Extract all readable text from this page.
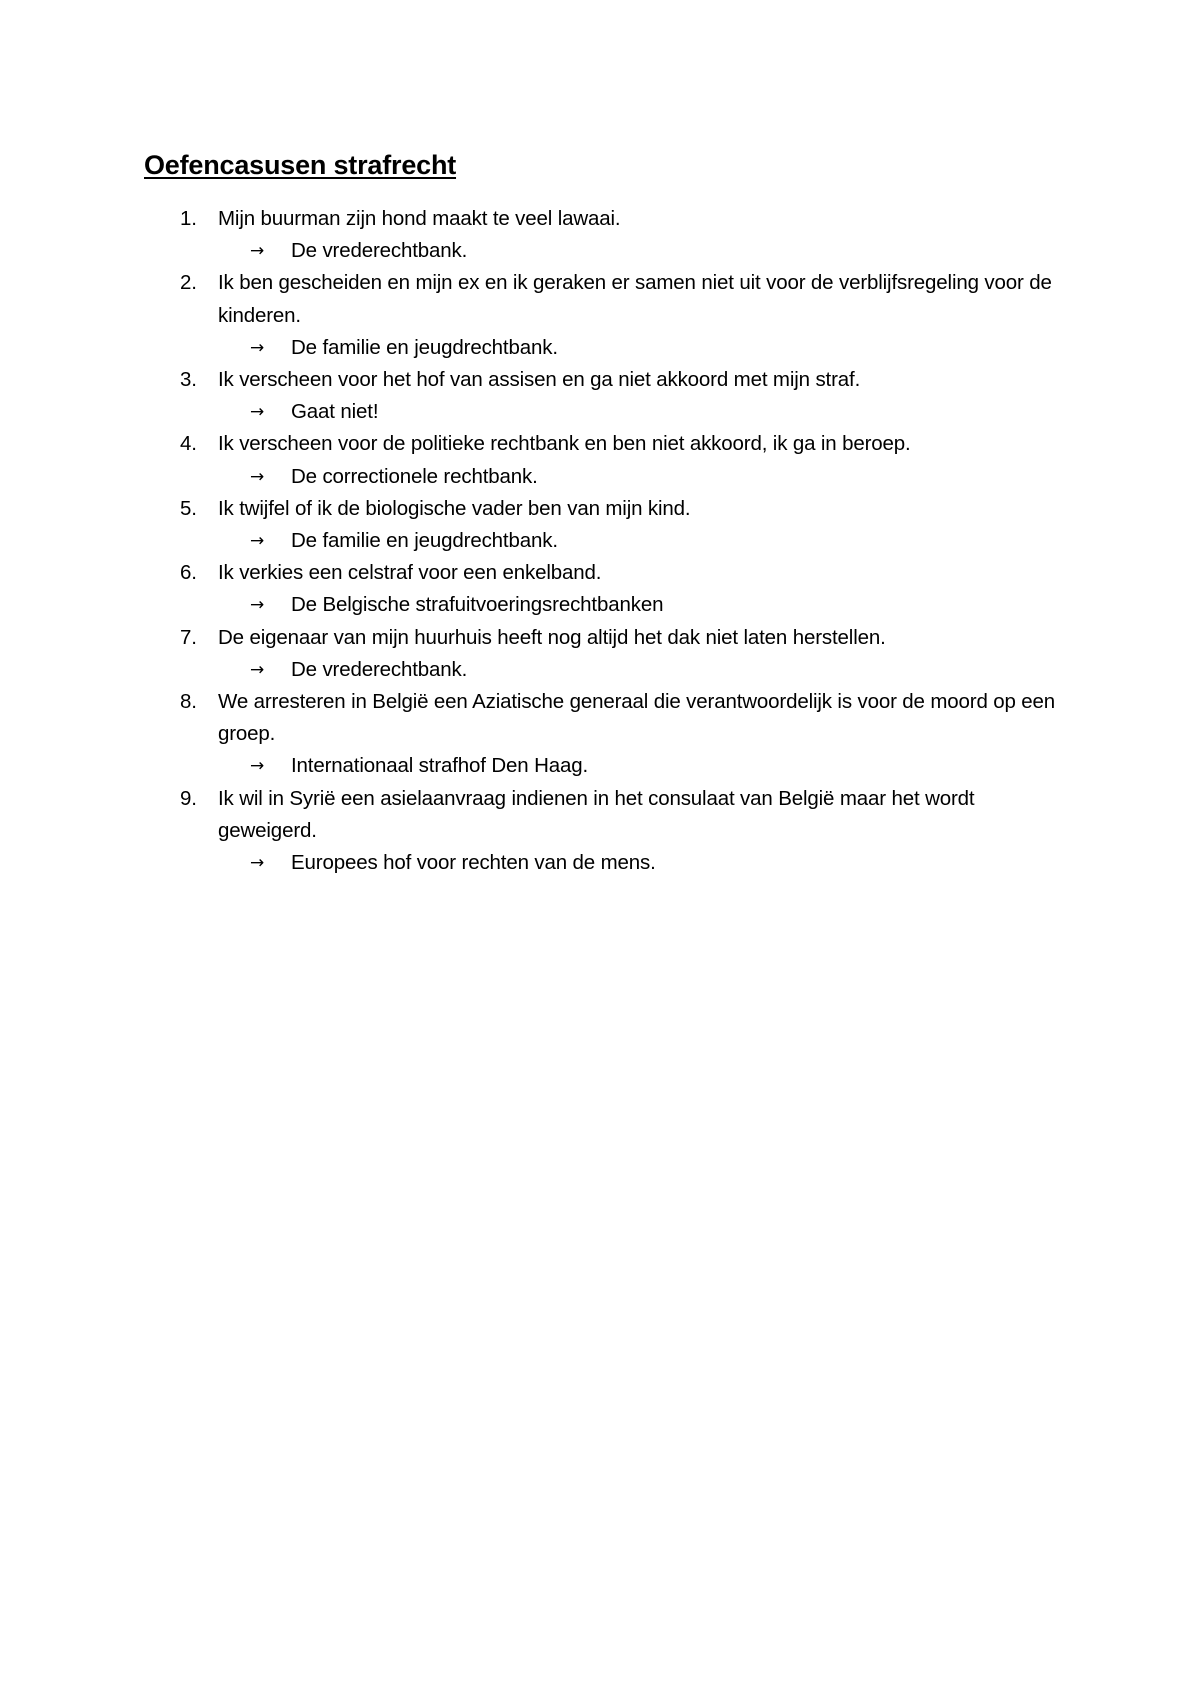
Oefencasusen strafrecht
1. Mijn buurman zijn hond maakt te veel lawaai.
→ De vrederechtbank.
2. Ik ben gescheiden en mijn ex en ik geraken er samen niet uit voor de verblijfsregeling voor de kinderen.
→ De familie en jeugdrechtbank.
3. Ik verscheen voor het hof van assisen en ga niet akkoord met mijn straf.
→ Gaat niet!
4. Ik verscheen voor de politieke rechtbank en ben niet akkoord, ik ga in beroep.
→ De correctionele rechtbank.
5. Ik twijfel of ik de biologische vader ben van mijn kind.
→ De familie en jeugdrechtbank.
6. Ik verkies een celstraf voor een enkelband.
→ De Belgische strafuitvoeringsrechtbanken
7. De eigenaar van mijn huurhuis heeft nog altijd het dak niet laten herstellen.
→ De vrederechtbank.
8. We arresteren in België een Aziatische generaal die verantwoordelijk is voor de moord op een groep.
→ Internationaal strafhof Den Haag.
9. Ik wil in Syrië een asielaanvraag indienen in het consulaat van België maar het wordt geweigerd.
→ Europees hof voor rechten van de mens.
